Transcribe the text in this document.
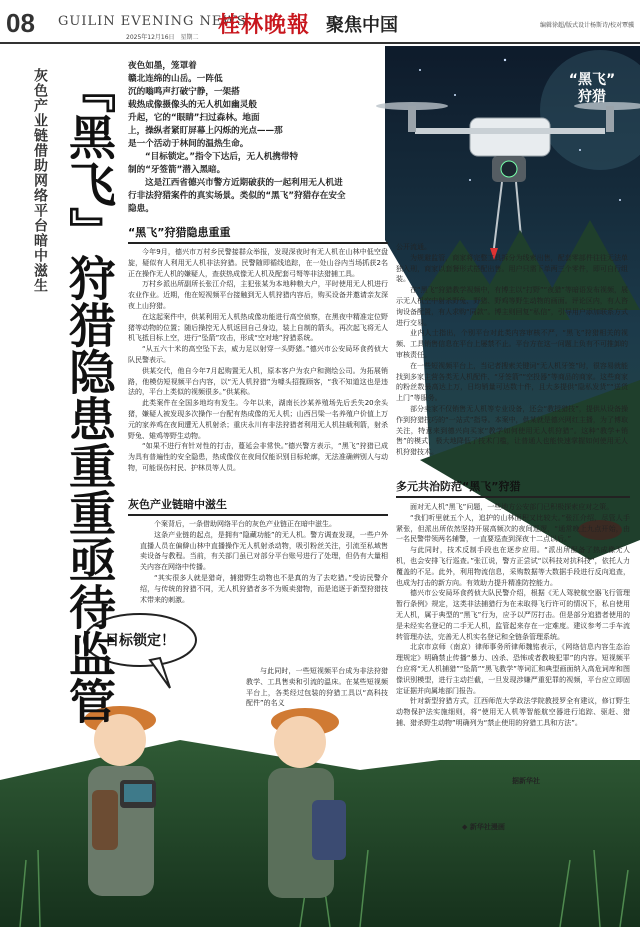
08 GUILIN EVENING NEWS
2025年12月16日　星期二 桂林晚報 聚焦中国	编辑徐超/版式设计杨斯诗/校对覃骥
灰色产业链借助网络平台暗中滋生 『黑飞』狩猎隐患重重亟待监管	“黑飞”
狩猎

夜色如墨，笼罩着

赣北连绵的山岳。一阵低

沉的嗡鸣声打破宁静，一架搭

载热成像摄像头的无人机如幽灵般

升起，它的“眼睛”扫过森林。地面

上，操纵者紧盯屏幕上闪烁的光点——那

是一个活动于林间的温热生命。

“目标锁定。”指令下达后，无人机携带特

制的“牙签箭”潜入黑暗。

这是江西省德兴市警方近期破获的一起利用无人机进

行非法狩猎案件的真实场景。类似的“黑飞”狩猎存在安全

隐患。

“黑飞”狩猎隐患重重

今年9月，德兴市万村乡民警接群众举报，发现深夜时有无人机在山林中低空盘旋，疑似有人利用无人机非法狩猎。民警随即循线追踪，在一处山谷内当场抓获2名正在操作无人机的嫌疑人，查获热成像无人机及配套弓弩等非法猎捕工具。

万村乡派出所副所长张江介绍，主犯张某为本地种粮大户，平时使用无人机进行农业作业。近期，他在短视频平台接触到无人机狩猎内容后，购买设备并邀请亲友深夜上山狩猎。

在这起案件中，供某利用无人机热成像功能进行高空侦察，在黑夜中精准定位野猪等动物的位置；随后操控无人机返回自己身边，装上自制的箭头，再次起飞将无人机飞抵目标上空，进行“坠箭”攻击，形成“空对地”狩猎系统。

“从五六十米的高空坠下去，威力足以射穿一头野猪。”德兴市公安局环食药侦大队民警表示。

供某交代，他自今年7月起购置无人机，原本客户为农户和测绘公司。为拓展销路，他模仿短视频平台内容，以“无人机狩猎”为噱头招揽顾客，“我不知道这也是违法的，平台上类似的视频很多。”供某称。

此类案件在全国多地均有发生。今年以来，湖南长沙某养殖场先后丢失20余头猪，嫌疑人被发现多次操作一台配有热成像的无人机；山西吕梁一名养殖户价值上万元的家养鸡在夜间遭无人机射杀；重庆永川有非法狩猎者利用无人机挂载利箭，射杀野兔、雉鸡等野生动物。

“如果不进行有针对性的打击，蔓延会非常快。”德兴警方表示，“黑飞”狩猎已成为具有普遍性的安全隐患，热成像仪在夜间仅能识别目标轮廓，无法准确辨别人与动物，可能误伤村民、护林员等人员。

灰色产业链暗中滋生

个案背后，一条借助网络平台的灰色产业链正在暗中滋生。

这条产业链的起点，是拥有“隐藏功能”的无人机。警方调查发现，一些户外直播人员在偏僻山林中直播操作无人机射杀动物，吸引粉丝关注，引流至私域售卖设备与教程。当前，有关部门虽已对部分平台账号进行了处理，但仍有大量相关内容在网络中传播。

“其实很多人就是猎奇，捕猎野生动物也不是真的为了去吃猎。”受访民警介绍，与传统的狩猎不同，无人机狩猎者多不为贩卖猎物，而是追逐于新型狩猎技术带来的刺激。

与此同时，一些短视频平台成为非法狩猎教学、工具售卖和引流的温床。在某些短视频平台上，各类经过包装的狩猎工具以“高科技配件”的名义

公开流通。

为规避监管，商家将完整工具拆分为线索出售，配套零部件往往无法单独入刑，商家以套餐形式搭配出售。用户只需下单两三个零件，即可自行组装。

在“黑飞”狩猎教学视频中，有博主以“打野”“夜猎”等暗语发布视频，展示无人机空中射杀野兔、野猪、野鸡等野生动物的画面。评论区内，有人咨询设备配置，有人求购“同款”。博主则回复“私信”，引导用户添加联系方式进行交易。

业内人士指出，个别平台对此类内容审核不严，“黑飞”狩猎相关的视频、工具销售信息在平台上屡禁不止。平台方在这一问题上负有不可推卸的审核责任。

在一些短视频平台上，当记者搜索关键词“无人机牙签”时，很容易就能找到多家主营各类无人机配件、“牙签箭”“空投器”等商品的商家。这些商家的粉丝数最高达上万，日均销量可达数十件，且大多提供“隐私发货”“送货上门”等服务。

部分卖家不仅销售无人机等专业设备，还会“教授猎技”，提供从设备操作到狩猎技巧的“一站式”指导。本案中，供某就是德兴网红主播，为了博取关注，特意来到德兴向买家“教学如何使用无人机狩猎”。这种“教学+销售”的模式，极大地降低了技术门槛，让普通人也能快速掌握如何使用无人机狩猎技术。

多元共治防范“黑飞”狩猎

面对无人机“黑飞”问题，一些地方公安部门已积极探索应对之策。

“我们听里就五个人，追护的山林面积又比较大。”张江介绍，尽管人手紧张，但派出所依然坚持开展高频次的夜间巡逻，“通常晚上九点开始，由一名民警带领两名辅警，一直要巡查到深夜十二点以后。”

与此同时，技术反制手段也在逐步应用。“派出所配备了热成像无人机，也会安排飞行巡查。”张江说，警方正尝试“以科技对抗科技”，依托人力覆盖的不足。此外，利用物流信息，采购数据等大数据手段进行反向追查，也成为打击的新方向。有效助力提升精准防控能力。

德兴市公安局环食药侦大队民警介绍，根据《无人驾驶航空器飞行管理暂行条例》规定，这类非法捕猎行为在未取得飞行许可的情况下，私自使用无人机，属于典型的“黑飞”行为，应予以严厉打击。但是部分追猎者使用的是未经实名登记的二手无人机，监管起来存在一定难度。建议参考二手车流转管理办法，完善无人机实名登记和全链条管理系统。

北京市京师（南京）律师事务所律师魏铭表示，《网络信息内容生态治理规定》明确禁止传播“暴力、凶杀、恐怖或者教唆犯罪”的内容。短视频平台应将“无人机捕猎”“坠箭”“黑飞教学”等词汇和典型画面纳入高危词库和图像识别模型，进行主动拦截，一旦发现涉嫌严重犯罪的视频，平台应立即固定证据并向属地部门报告。

针对新型狩猎方式，江西师范大学政法学院教授罗全有建议，修订野生动物保护法实施细则，将“使用无人机等智能航空器进行追踪、驱赶、猎捕、猎杀野生动物”明确列为“禁止使用的狩猎工具和方法”。

据新华社
目标锁定！
◆ 新华社漫画
